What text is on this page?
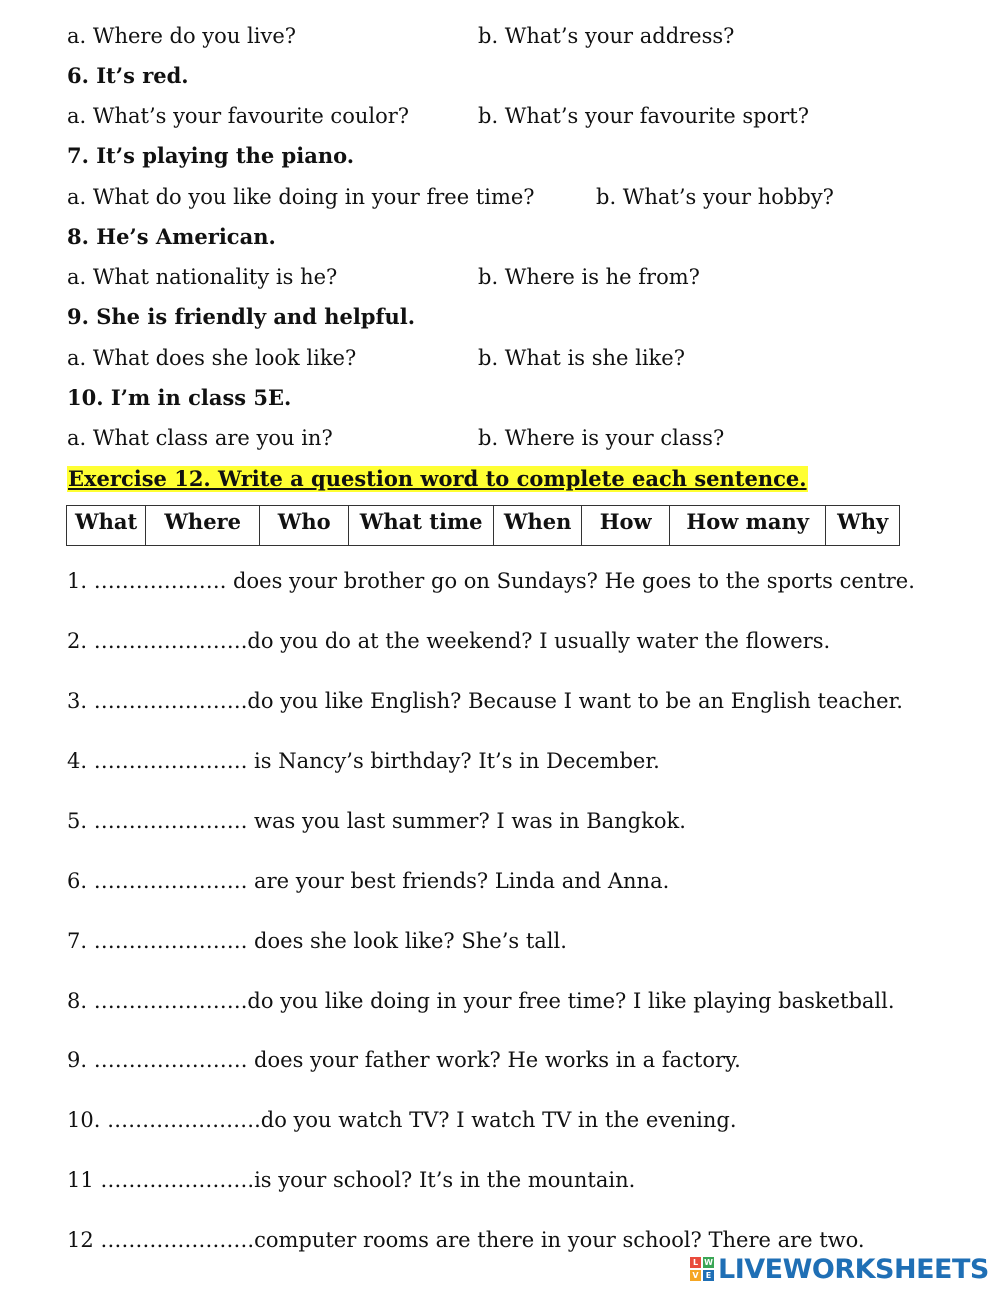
a. Where do you live?	b. What’s your address?
6. It’s red.
a. What’s your favourite coulor?	b. What’s your favourite sport?
7. It’s playing the piano.
a. What do you like doing in your free time?	b. What’s your hobby?
8. He’s American.
a. What nationality is he?	b. Where is he from?
9. She is friendly and helpful.
a. What does she look like?	b. What is she like?
10. I’m in class 5E.
a. What class are you in?	b. Where is your class?
Exercise 12. Write a question word to complete each sentence.
What	Where	Who	What time	When	How	How many	Why
1. ………………. does your brother go on Sundays? He goes to the sports centre.
2. ………………….do you do at the weekend? I usually water the flowers.
3. ………………….do you like English? Because I want to be an English teacher.
4. …………………. is Nancy’s birthday? It’s in December.
5. …………………. was you last summer? I was in Bangkok.
6. …………………. are your best friends? Linda and Anna.
7. …………………. does she look like? She’s tall.
8. ………………….do you like doing in your free time? I like playing basketball.
9. …………………. does your father work? He works in a factory.
10. ………………….do you watch TV? I watch TV in the evening.
11 ………………….is your school? It’s in the mountain.
12 ………………….computer rooms are there in your school? There are two.
L W
V E LIVEWORKSHEETS
